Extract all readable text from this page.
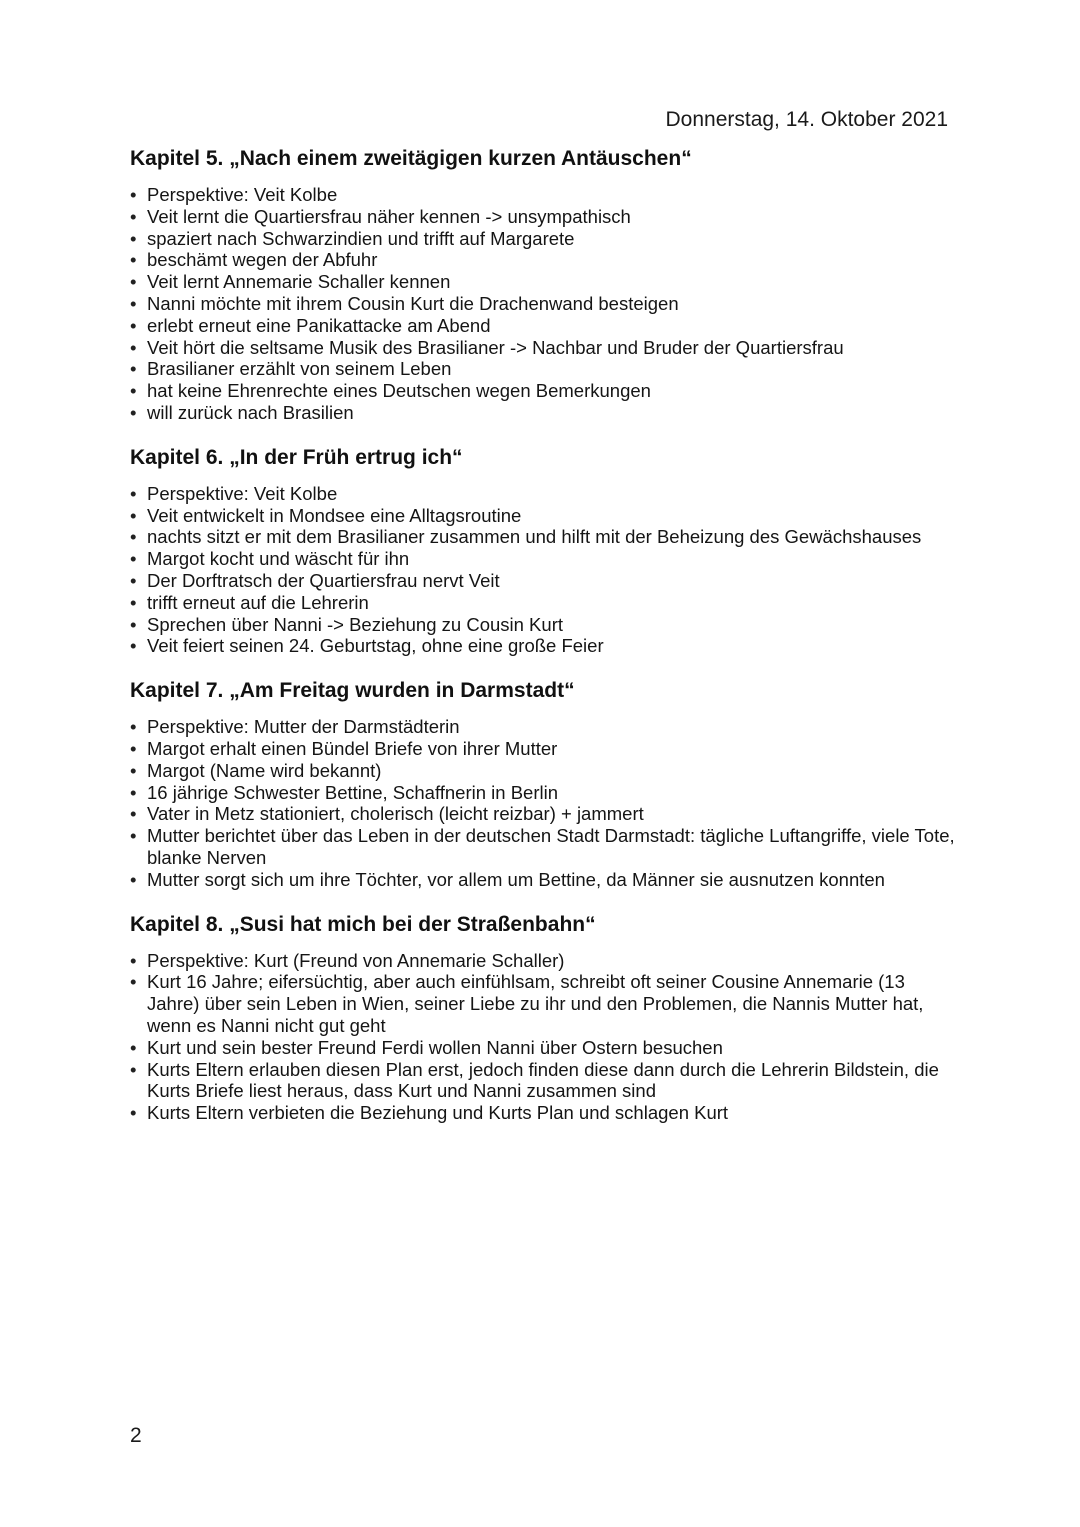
Donnerstag, 14. Oktober 2021
Kapitel 5. „Nach einem zweitägigen kurzen Antäuschen“
• Perspektive: Veit Kolbe
• Veit lernt die Quartiersfrau näher kennen -> unsympathisch
• spaziert nach Schwarzindien und trifft auf Margarete
• beschämt wegen der Abfuhr
• Veit lernt Annemarie Schaller kennen
• Nanni möchte mit ihrem Cousin Kurt die Drachenwand besteigen
• erlebt erneut eine Panikattacke am Abend
• Veit hört die seltsame Musik des Brasilianer -> Nachbar und Bruder der Quartiersfrau
• Brasilianer erzählt von seinem Leben
• hat keine Ehrenrechte eines Deutschen wegen Bemerkungen
• will zurück nach Brasilien
Kapitel 6. „In der Früh ertrug ich“
• Perspektive: Veit Kolbe
• Veit entwickelt in Mondsee eine Alltagsroutine
• nachts sitzt er mit dem Brasilianer zusammen und hilft mit der Beheizung des Gewächshauses
• Margot kocht und wäscht für ihn
• Der Dorftratsch der Quartiersfrau nervt Veit
• trifft erneut auf die Lehrerin
• Sprechen über Nanni -> Beziehung zu Cousin Kurt
• Veit feiert seinen 24. Geburtstag, ohne eine große Feier
Kapitel 7. „Am Freitag wurden in Darmstadt“
• Perspektive: Mutter der Darmstädterin
• Margot erhalt einen Bündel Briefe von ihrer Mutter
• Margot (Name wird bekannt)
• 16 jährige Schwester Bettine, Schaffnerin in Berlin
• Vater in Metz stationiert, cholerisch (leicht reizbar) + jammert
• Mutter berichtet über das Leben in der deutschen Stadt Darmstadt: tägliche Luftangriffe, viele Tote, blanke Nerven
• Mutter sorgt sich um ihre Töchter, vor allem um Bettine, da Männer sie ausnutzen konnten
Kapitel 8. „Susi hat mich bei der Straßenbahn“
• Perspektive: Kurt (Freund von Annemarie Schaller)
• Kurt 16 Jahre; eifersüchtig, aber auch einfühlsam, schreibt oft seiner Cousine Annemarie (13 Jahre) über sein Leben in Wien, seiner Liebe zu ihr und den Problemen, die Nannis Mutter hat, wenn es Nanni nicht gut geht
• Kurt und sein bester Freund Ferdi wollen Nanni über Ostern besuchen
• Kurts Eltern erlauben diesen Plan erst, jedoch finden diese dann durch die Lehrerin Bildstein, die Kurts Briefe liest heraus, dass Kurt und Nanni zusammen sind
• Kurts Eltern verbieten die Beziehung und Kurts Plan und schlagen Kurt
2
